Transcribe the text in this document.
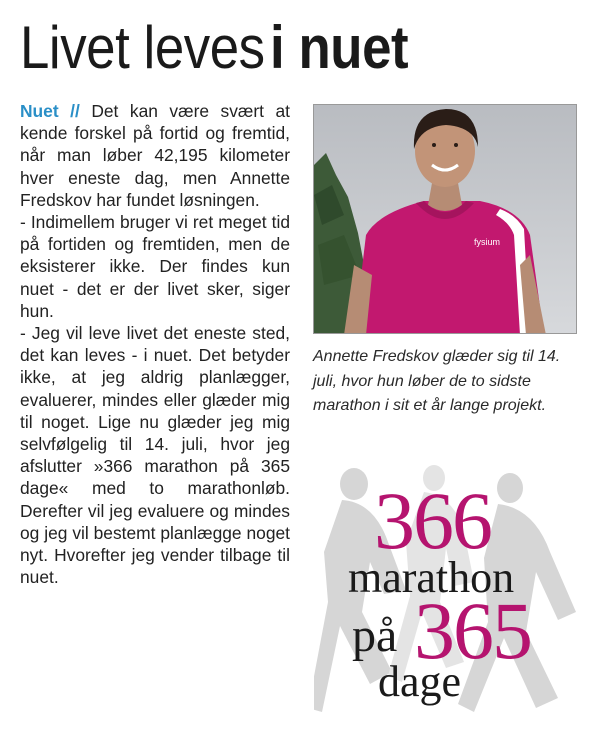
Livet leves i nuet

Nuet // Det kan være svært at kende forskel på fortid og fremtid, når man løber 42,195 kilometer hver eneste dag, men Annette Fredskov har fundet løsningen.

- Indimellem bruger vi ret meget tid på fortiden og fremtiden, men de eksisterer ikke. Der findes kun nuet - det er der livet sker, siger hun.

- Jeg vil leve livet det eneste sted, det kan leves - i nuet. Det betyder ikke, at jeg aldrig planlægger, evaluerer, mindes eller glæder mig til noget. Lige nu glæder jeg mig selvfølgelig til 14. juli, hvor jeg afslutter »366 marathon på 365 dage« med to marathonløb. Derefter vil jeg evaluere og mindes og jeg vil bestemt planlægge noget nyt. Hvorefter jeg vender tilbage til nuet.

fysium
Annette Fredskov glæder sig til 14. juli, hvor hun løber de to sidste marathon i sit et år lange projekt.
366
marathon
på 365
dage
